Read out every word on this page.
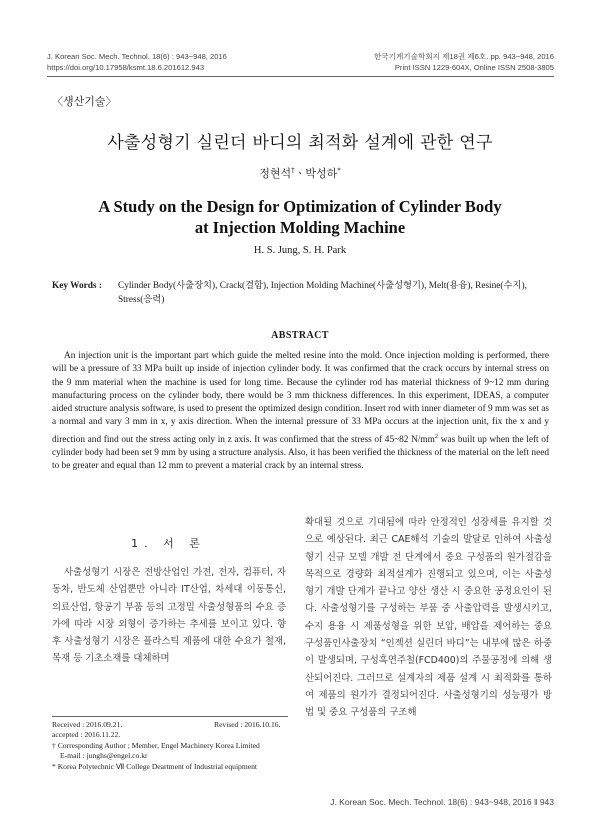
J. Korean Soc. Mech. Technol. 18(6) : 943~948, 2016
https://doi.org/10.17958/ksmt.18.6.201612.943
한국기계기술학회지 제18권 제6호. pp. 943~948, 2016
Print ISSN 1229-604X, Online ISSN 2508-3805
〈생산기술〉
사출성형기 실린더 바디의 최적화 설계에 관한 연구
정현석†ㆍ박성하*
A Study on the Design for Optimization of Cylinder Body
at Injection Molding Machine
H. S. Jung, S. H. Park
Key Words : Cylinder Body(사출장치), Crack(결함), Injection Molding Machine(사출성형기), Melt(용융), Resine(수지), Stress(응력)
ABSTRACT

An injection unit is the important part which guide the melted resine into the mold. Once injection molding is performed, there will be a pressure of 33 MPa built up inside of injection cylinder body. It was confirmed that the crack occurs by internal stress on the 9 mm material when the machine is used for long time. Because the cylinder rod has material thickness of 9~12 mm during manufacturing process on the cylinder body, there would be 3 mm thickness differences. In this experiment, IDEAS, a computer aided structure analysis software, is used to present the optimized design condition. Insert rod with inner diameter of 9 mm was set as a normal and vary 3 mm in x, y axis direction. When the internal pressure of 33 MPa occurs at the injection unit, fix the x and y direction and find out the stress acting only in z axis. It was confirmed that the stress of 45~82 $N/mm^2$ was built up when the left of cylinder body had been set 9 mm by using a structure analysis. Also, it has been verified the thickness of the material on the left need to be greater and equal than 12 mm to prevent a material crack by an internal stress.

1. 서 론

사출성형기 시장은 전방산업인 가전, 전자, 컴퓨터, 자동차, 반도체 산업뿐만 아니라 IT산업, 차세대 이동통신, 의료산업, 항공기 부품 등의 고정밀 사출성형품의 수요 증가에 따라 시장 외형이 증가하는 추세를 보이고 있다. 향후 사출성형기 시장은 플라스틱 제품에 대한 수요가 철재, 목재 등 기초소재를 대체하며

확대될 것으로 기대됨에 따라 안정적인 성장세를 유지할 것으로 예상된다. 최근 CAE해석 기술의 발달로 인하여 사출성형기 신규 모델 개발 전 단계에서 중요 구성품의 원가절감을 목적으로 경량화 최적설계가 진행되고 있으며, 이는 사출성형기 개발 단계가 끝나고 양산 생산 시 중요한 공정요인이 된다. 사출성형기를 구성하는 부품 중 사출압력을 발생시키고, 수지 용융 시 제품성형을 위한 보압, 배압을 제어하는 중요 구성품인사출장치 “인젝션 실린더 바디”는 내부에 많은 하중이 발생되며, 구성흑연주철(FCD400)의 주물공정에 의해 생산되어진다. 그러므로 설계자의 제품 설계 시 최적화를 통하여 제품의 원가가 결정되어진다. 사출성형기의 성능평가 방법 및 중요 구성품의 구조해

Received : 2016.09.21.	Revised : 2016.10.16.
accepted : 2016.11.22.
† Corresponding Author ; Member, Engel Machinery Korea Limited
E-mail : junghs@engel.co.kr
* Korea Polytechnic Ⅶ College Deartment of Industrial equipment
J. Korean Soc. Mech. Technol. 18(6) : 943~948, 2016 ǁ 943
